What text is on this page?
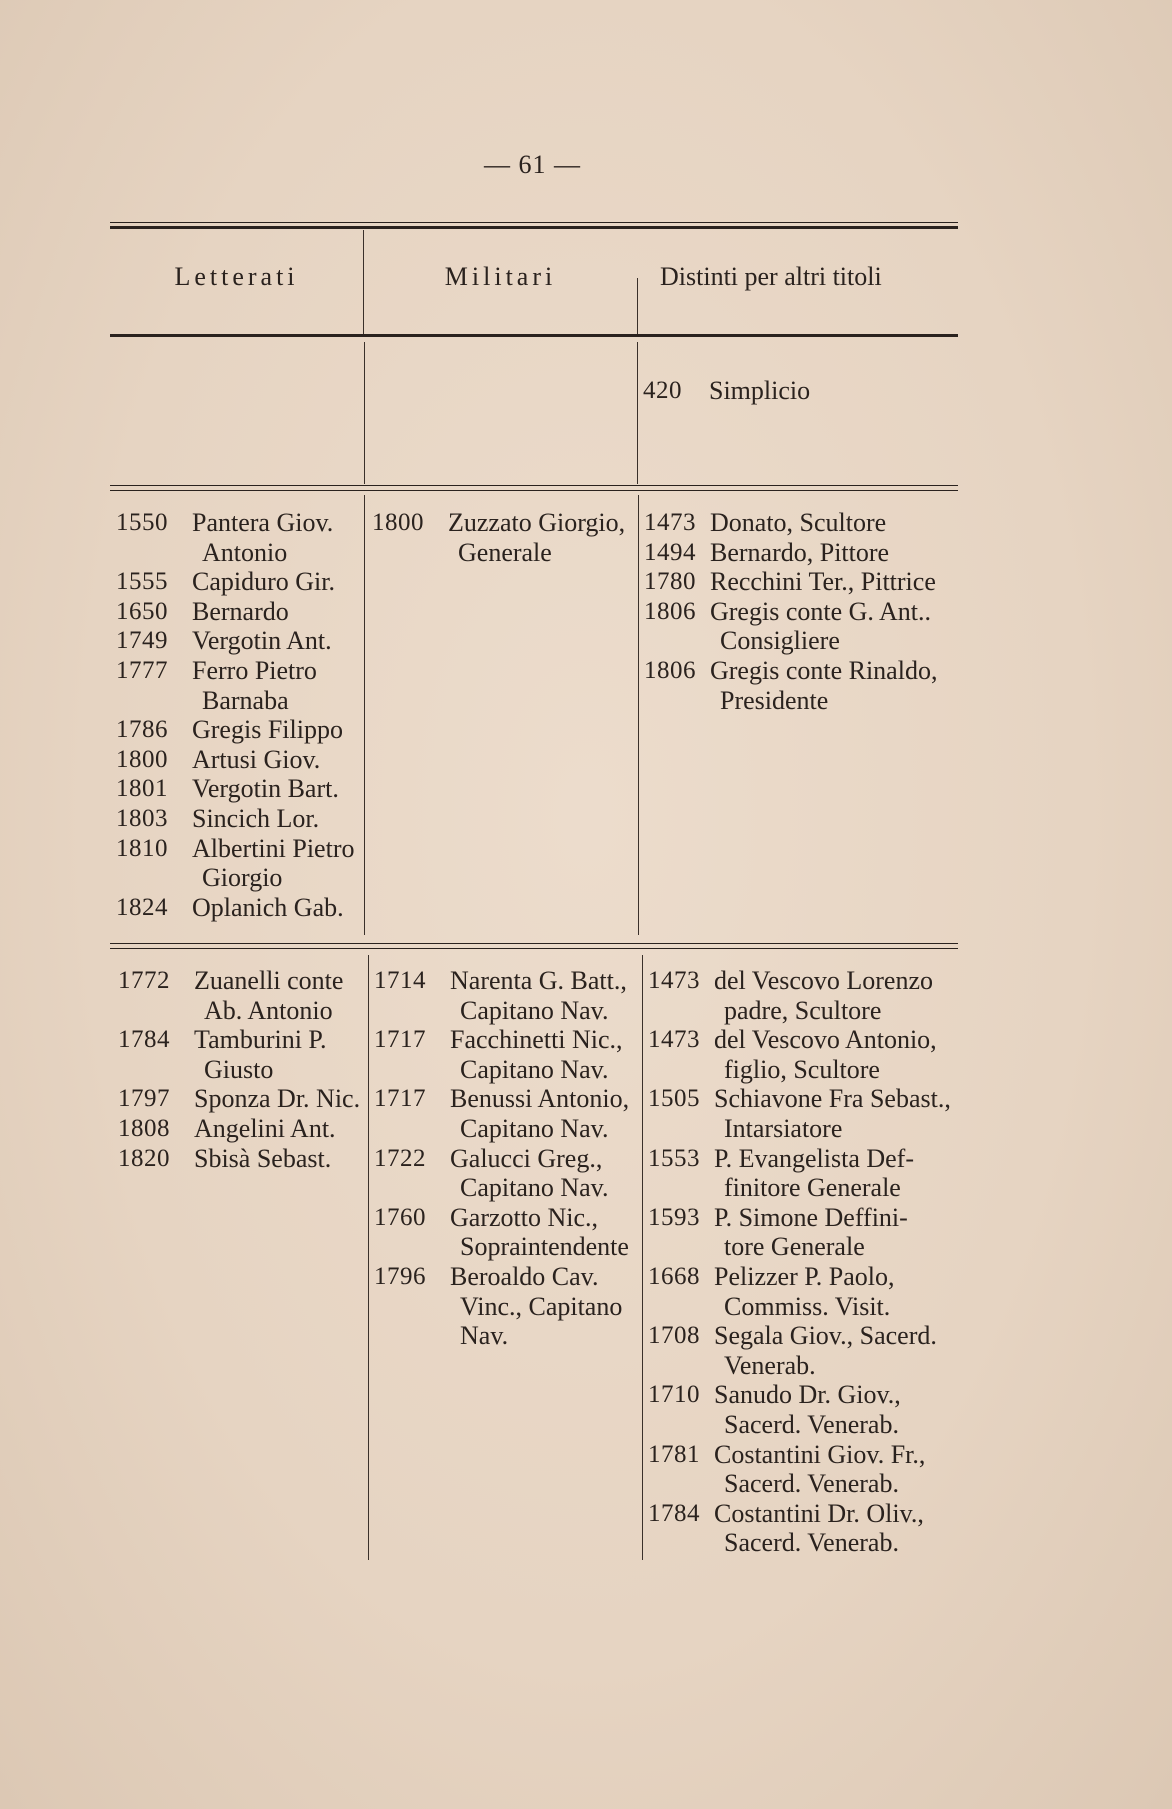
— 61 —
Letterati	Militari	Distinti per altri titoli
420 Simplicio
1550 Pantera Giov.
Antonio
1555 Capiduro Gir.
1650 Bernardo
1749 Vergotin Ant.
1777 Ferro Pietro
Barnaba
1786 Gregis Filippo
1800 Artusi Giov.
1801 Vergotin Bart.
1803 Sincich Lor.
1810 Albertini Pietro
Giorgio
1824 Oplanich Gab.
1800 Zuzzato Giorgio,
Generale
1473 Donato, Scultore
1494 Bernardo, Pittore
1780 Recchini Ter., Pittrice
1806 Gregis conte G. Ant..
Consigliere
1806 Gregis conte Rinaldo,
Presidente
1772 Zuanelli conte
Ab. Antonio
1784 Tamburini P.
Giusto
1797 Sponza Dr. Nic.
1808 Angelini Ant.
1820 Sbisà Sebast.
1714 Narenta G. Batt.,
Capitano Nav.
1717 Facchinetti Nic.,
Capitano Nav.
1717 Benussi Antonio,
Capitano Nav.
1722 Galucci Greg.,
Capitano Nav.
1760 Garzotto Nic.,
Sopraintendente
1796 Beroaldo Cav.
Vinc., Capitano
Nav.
1473 del Vescovo Lorenzo
padre, Scultore
1473 del Vescovo Antonio,
figlio, Scultore
1505 Schiavone Fra Sebast.,
Intarsiatore
1553 P. Evangelista Def-
finitore Generale
1593 P. Simone Deffini-
tore Generale
1668 Pelizzer P. Paolo,
Commiss. Visit.
1708 Segala Giov., Sacerd.
Venerab.
1710 Sanudo Dr. Giov.,
Sacerd. Venerab.
1781 Costantini Giov. Fr.,
Sacerd. Venerab.
1784 Costantini Dr. Oliv.,
Sacerd. Venerab.
